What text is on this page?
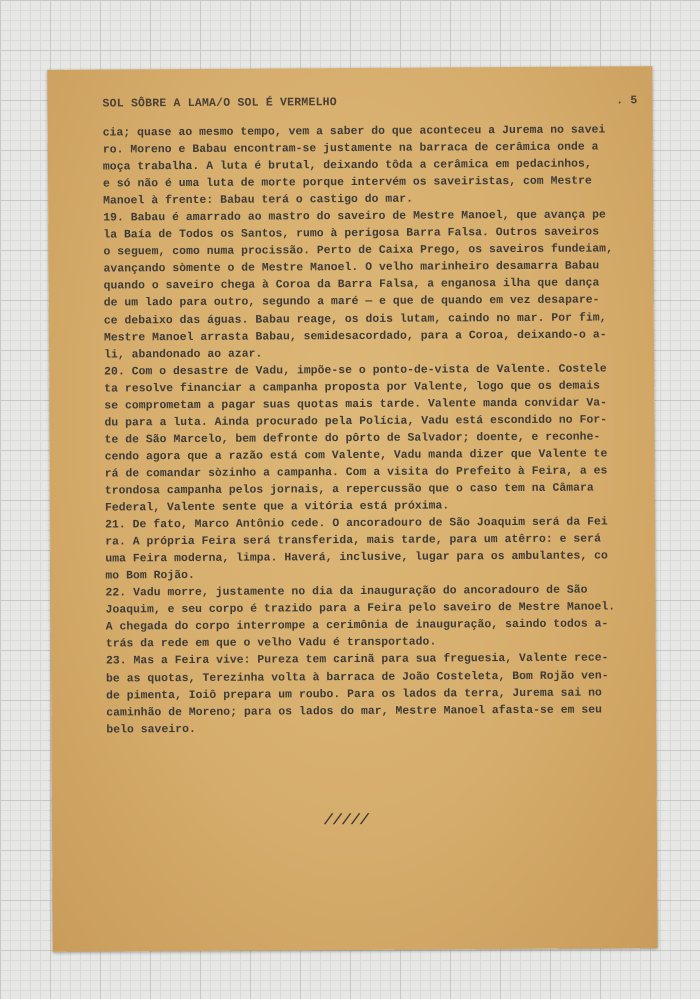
SOL SÔBRE A LAMA/O SOL É VERMELHO	. 5
cia; quase ao mesmo tempo, vem a saber do que aconteceu a Jurema no savei
ro. Moreno e Babau encontram-se justamente na barraca de cerâmica onde a
moça trabalha. A luta é brutal, deixando tôda a cerâmica em pedacinhos,
e só não é uma luta de morte porque intervém os saveiristas, com Mestre
Manoel à frente: Babau terá o castigo do mar.
19. Babau é amarrado ao mastro do saveiro de Mestre Manoel, que avança pe
la Baía de Todos os Santos, rumo à perigosa Barra Falsa. Outros saveiros
o seguem, como numa procissão. Perto de Caixa Prego, os saveiros fundeiam,
avançando sòmente o de Mestre Manoel. O velho marinheiro desamarra Babau
quando o saveiro chega à Coroa da Barra Falsa, a enganosa ilha que dança
de um lado para outro, segundo a maré — e que de quando em vez desapare-
ce debaixo das águas. Babau reage, os dois lutam, caindo no mar. Por fim,
Mestre Manoel arrasta Babau, semidesacordado, para a Coroa, deixando-o a-
li, abandonado ao azar.
20. Com o desastre de Vadu, impõe-se o ponto-de-vista de Valente. Costele
ta resolve financiar a campanha proposta por Valente, logo que os demais
se comprometam a pagar suas quotas mais tarde. Valente manda convidar Va-
du para a luta. Ainda procurado pela Polícia, Vadu está escondido no For-
te de São Marcelo, bem defronte do pôrto de Salvador; doente, e reconhe-
cendo agora que a razão está com Valente, Vadu manda dizer que Valente te
rá de comandar sòzinho a campanha. Com a visita do Prefeito à Feira, a es
trondosa campanha pelos jornais, a repercussão que o caso tem na Câmara
Federal, Valente sente que a vitória está próxima.
21. De fato, Marco Antônio cede. O ancoradouro de São Joaquim será da Fei
ra. A própria Feira será transferida, mais tarde, para um atêrro: e será
uma Feira moderna, limpa. Haverá, inclusive, lugar para os ambulantes, co
mo Bom Rojão.
22. Vadu morre, justamente no dia da inauguração do ancoradouro de São
Joaquim, e seu corpo é trazido para a Feira pelo saveiro de Mestre Manoel.
A chegada do corpo interrompe a cerimônia de inauguração, saindo todos a-
trás da rede em que o velho Vadu é transportado.
23. Mas a Feira vive: Pureza tem carinã para sua freguesia, Valente rece-
be as quotas, Terezinha volta à barraca de João Costeleta, Bom Rojão ven-
de pimenta, Ioiô prepara um roubo. Para os lados da terra, Jurema sai no
caminhão de Moreno; para os lados do mar, Mestre Manoel afasta-se em seu
belo saveiro.
/////
